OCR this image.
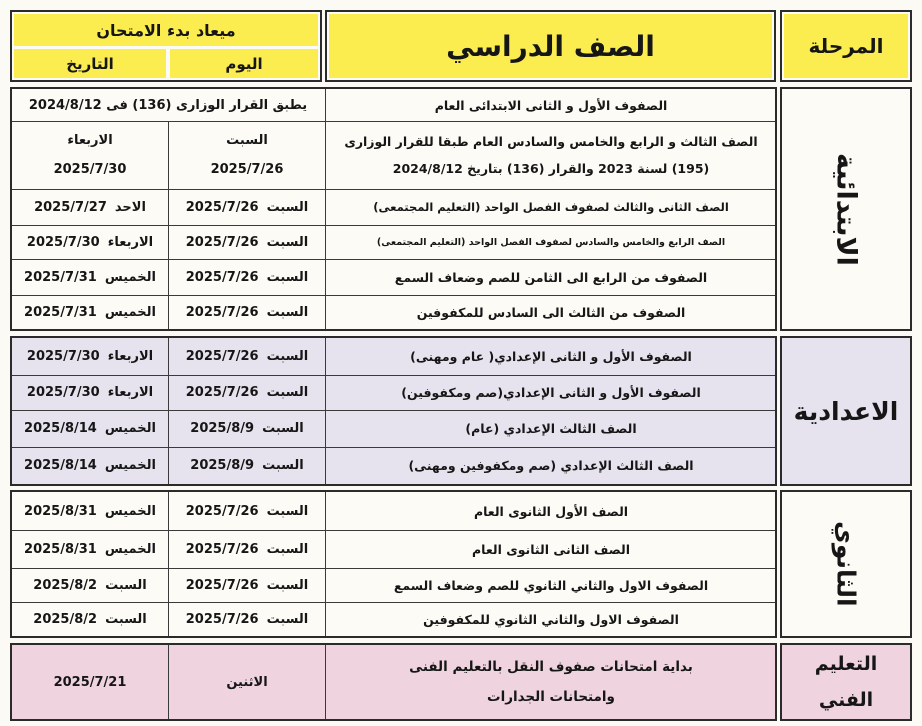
المرحلة
الصف الدراسي
ميعاد بدء الامتحان
اليوم
التاريخ
الابتدائية
الصفوف الأول و الثانى الابتدائى العام
يطبق القرار الوزارى (136) فى 2024/8/12
الصف الثالث و الرابع والخامس والسادس العام طبقا للقرار الوزارى (195) لسنة 2023 والقرار (136) بتاريخ 2024/8/12
السبت
2025/7/26
الاربعاء
2025/7/30
الصف الثانى والثالث لصفوف الفصل الواحد (التعليم المجتمعى)
السبت
2025/7/26
الاحد
2025/7/27
الصف الرابع والخامس والسادس لصفوف الفصل الواحد (التعليم المجتمعى)
السبت
2025/7/26
الاربعاء
2025/7/30
الصفوف من الرابع الى الثامن للصم وضعاف السمع
السبت
2025/7/26
الخميس
2025/7/31
الصفوف من الثالث الى السادس للمكفوفين
السبت
2025/7/26
الخميس
2025/7/31
الاعدادية
الصفوف الأول و الثانى الإعدادي( عام ومهنى)
السبت
2025/7/26
الاربعاء
2025/7/30
الصفوف الأول و الثانى الإعدادي(صم ومكفوفين)
السبت
2025/7/26
الاربعاء
2025/7/30
الصف الثالث الإعدادي (عام)
السبت
2025/8/9
الخميس
2025/8/14
الصف الثالث الإعدادي (صم ومكفوفين ومهنى)
السبت
2025/8/9
الخميس
2025/8/14
الثانوي
الصف الأول الثانوى العام
السبت
2025/7/26
الخميس
2025/8/31
الصف الثانى الثانوى العام
السبت
2025/7/26
الخميس
2025/8/31
الصفوف الاول والثاني الثانوي للصم وضعاف السمع
السبت
2025/7/26
السبت
2025/8/2
الصفوف الاول والثاني الثانوي للمكفوفين
السبت
2025/7/26
السبت
2025/8/2
التعليم الفني
بداية امتحانات صفوف النقل بالتعليم الفنى وامتحانات الجدارات
الاثنين
2025/7/21
